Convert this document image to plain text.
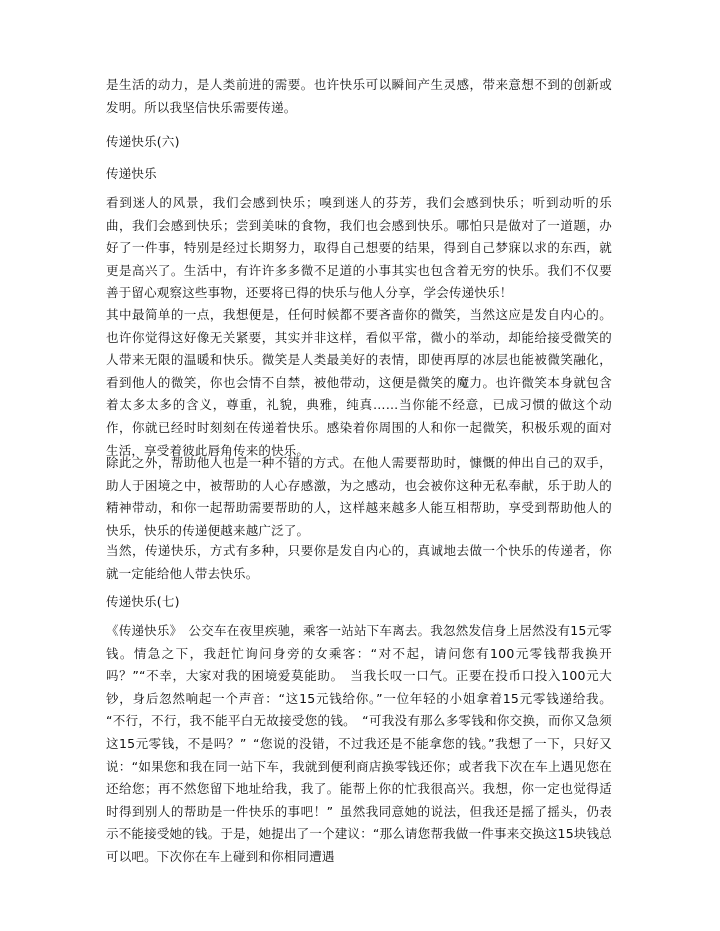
是生活的动力，是人类前进的需要。也许快乐可以瞬间产生灵感，带来意想不到的创新或发明。所以我坚信快乐需要传递。

传递快乐(六)

传递快乐

看到迷人的风景，我们会感到快乐；嗅到迷人的芬芳，我们会感到快乐；听到动听的乐曲，我们会感到快乐；尝到美味的食物，我们也会感到快乐。哪怕只是做对了一道题，办好了一件事，特别是经过长期努力，取得自己想要的结果，得到自己梦寐以求的东西，就更是高兴了。生活中，有许许多多微不足道的小事其实也包含着无穷的快乐。我们不仅要善于留心观察这些事物，还要将已得的快乐与他人分享，学会传递快乐！

其中最简单的一点，我想便是，任何时候都不要吝啬你的微笑，当然这应是发自内心的。也许你觉得这好像无关紧要，其实并非这样，看似平常，微小的举动，却能给接受微笑的人带来无限的温暖和快乐。微笑是人类最美好的表情，即使再厚的冰层也能被微笑融化，看到他人的微笑，你也会情不自禁，被他带动，这便是微笑的魔力。也许微笑本身就包含着太多太多的含义，尊重，礼貌，典雅，纯真……当你能不经意，已成习惯的做这个动作，你就已经时时刻刻在传递着快乐。感染着你周围的人和你一起微笑，积极乐观的面对生活，享受着彼此唇角传来的快乐。

除此之外，帮助他人也是一种不错的方式。在他人需要帮助时，慷慨的伸出自己的双手，助人于困境之中，被帮助的人心存感激，为之感动，也会被你这种无私奉献，乐于助人的精神带动，和你一起帮助需要帮助的人，这样越来越多人能互相帮助，享受到帮助他人的快乐，快乐的传递便越来越广泛了。

当然，传递快乐，方式有多种，只要你是发自内心的，真诚地去做一个快乐的传递者，你就一定能给他人带去快乐。

传递快乐(七)

《传递快乐》 公交车在夜里疾驰，乘客一站站下车离去。我忽然发信身上居然没有15元零钱。情急之下，我赶忙询问身旁的女乘客：“对不起，请问您有100元零钱帮我换开吗？”“不幸，大家对我的困境爱莫能助。 当我长叹一口气。正要在投币口投入100元大钞，身后忽然响起一个声音：“这15元钱给你。”一位年轻的小姐拿着15元零钱递给我。 “不行，不行，我不能平白无故接受您的钱。 “可我没有那么多零钱和你交换，而你又急须这15元零钱，不是吗？” “您说的没错，不过我还是不能拿您的钱。”我想了一下，只好又说：“如果您和我在同一站下车，我就到便利商店换零钱还你；或者我下次在车上遇见您在还给您；再不然您留下地址给我，我了。能帮上你的忙我很高兴。我想，你一定也觉得适时得到别人的帮助是一件快乐的事吧！” 虽然我同意她的说法，但我还是摇了摇头，仍表示不能接受她的钱。于是，她提出了一个建议：“那么请您帮我做一件事来交换这15块钱总可以吧。下次你在车上碰到和你相同遭遇
